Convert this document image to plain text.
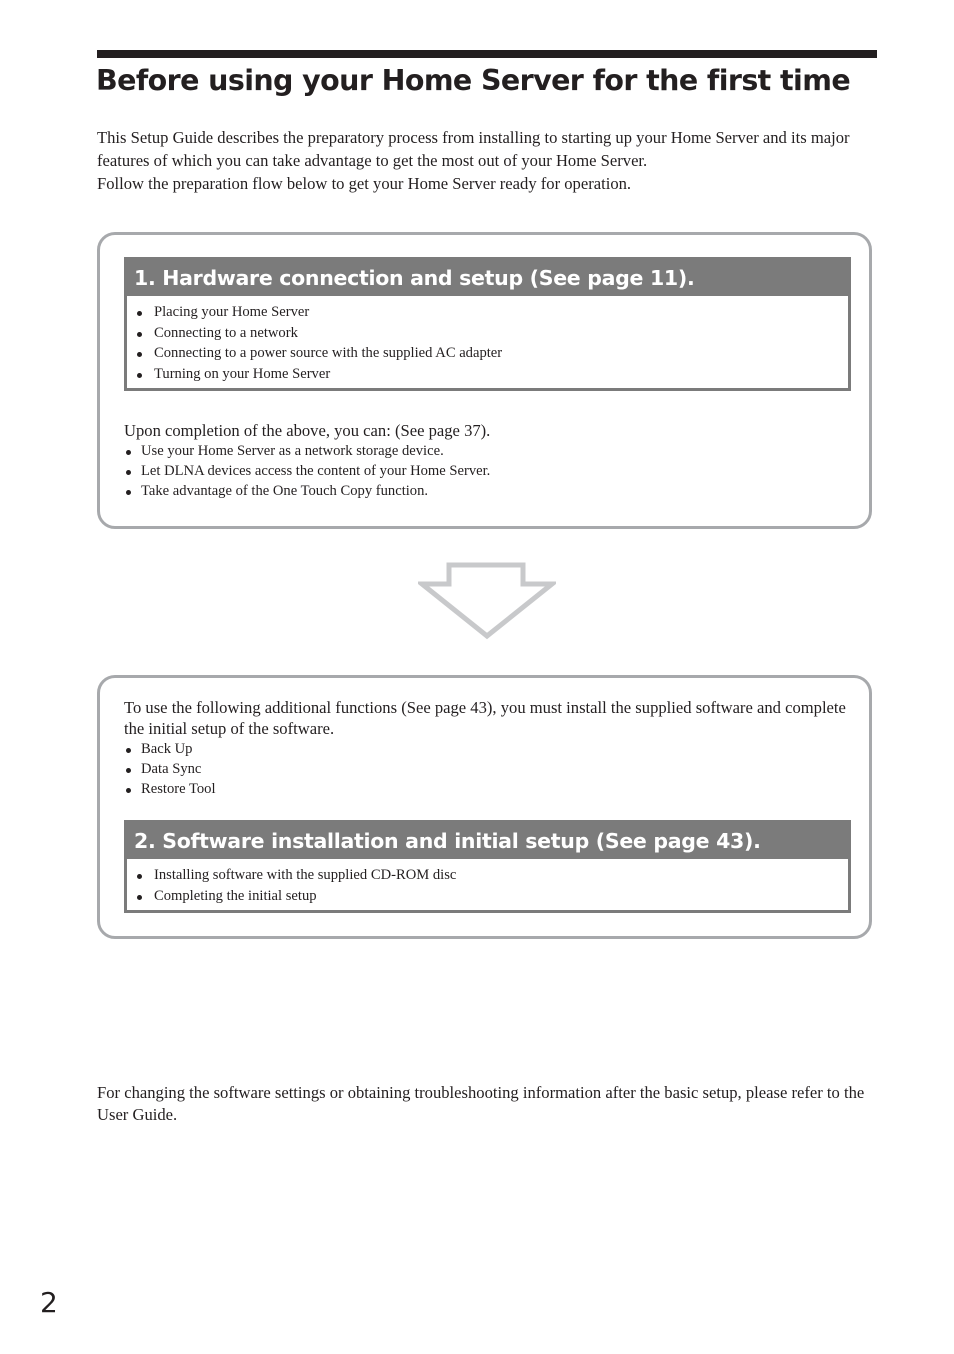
Before using your Home Server for the first time

This Setup Guide describes the preparatory process from installing to starting up your Home Server and its major features of which you can take advantage to get the most out of your Home Server.

Follow the preparation flow below to get your Home Server ready for operation.

1. Hardware connection and setup (See page 11).
Placing your Home Server
Connecting to a network
Connecting to a power source with the supplied AC adapter
Turning on your Home Server

Upon completion of the above, you can: (See page 37).

Use your Home Server as a network storage device.
Let DLNA devices access the content of your Home Server.
Take advantage of the One Touch Copy function.

To use the following additional functions (See page 43), you must install the supplied software and complete the initial setup of the software.

Back Up
Data Sync
Restore Tool
2. Software installation and initial setup (See page 43).
Installing software with the supplied CD-ROM disc
Completing the initial setup

For changing the software settings or obtaining troubleshooting information after the basic setup, please refer to the User Guide.

2
